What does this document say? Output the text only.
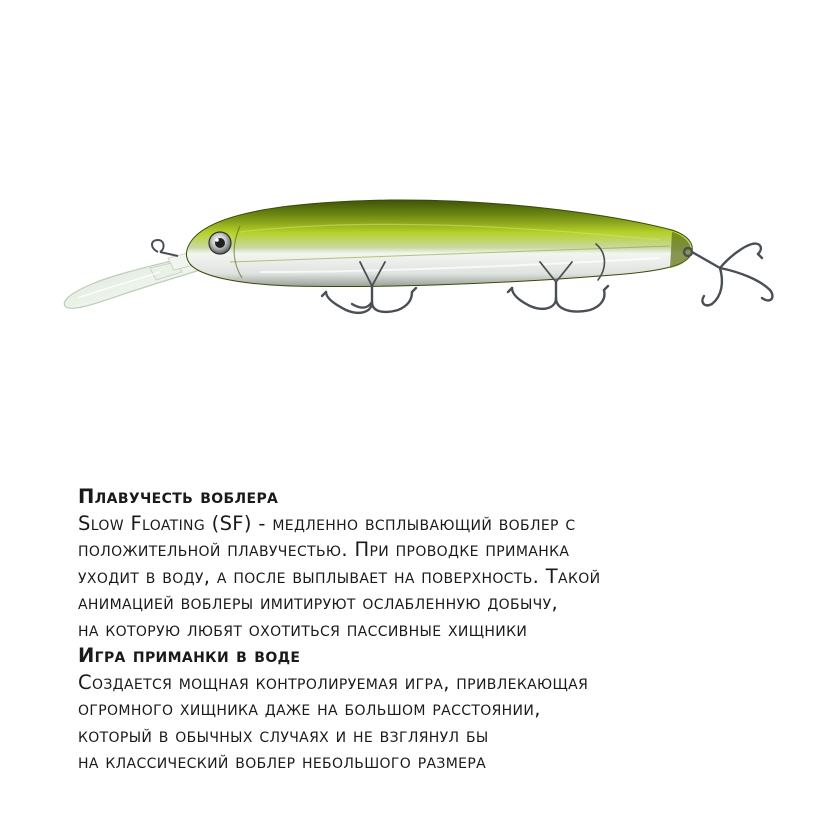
Плавучесть воблера

Slow Floating (SF) - медленно всплывающий воблер с

положительной плавучестью. При проводке приманка

уходит в воду, а после выплывает на поверхность. Такой

анимацией воблеры имитируют ослабленную добычу,

на которую любят охотиться пассивные хищники

Игра приманки в воде

Создается мощная контролируемая игра, привлекающая

огромного хищника даже на большом расстоянии,

который в обычных случаях и не взглянул бы

на классический воблер небольшого размера
